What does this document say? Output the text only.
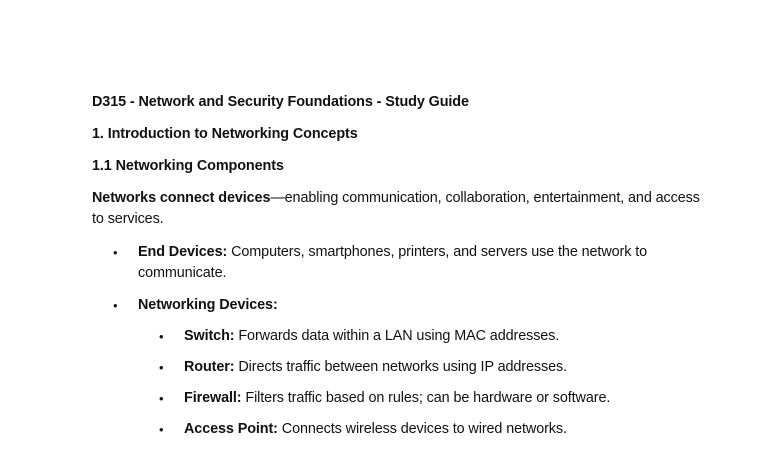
D315 - Network and Security Foundations - Study Guide

1. Introduction to Networking Concepts

1.1 Networking Components

Networks connect devices—enabling communication, collaboration, entertainment, and access to services.

• End Devices: Computers, smartphones, printers, and servers use the network to communicate.
• Networking Devices:
• Switch: Forwards data within a LAN using MAC addresses.
• Router: Directs traffic between networks using IP addresses.
• Firewall: Filters traffic based on rules; can be hardware or software.
• Access Point: Connects wireless devices to wired networks.
